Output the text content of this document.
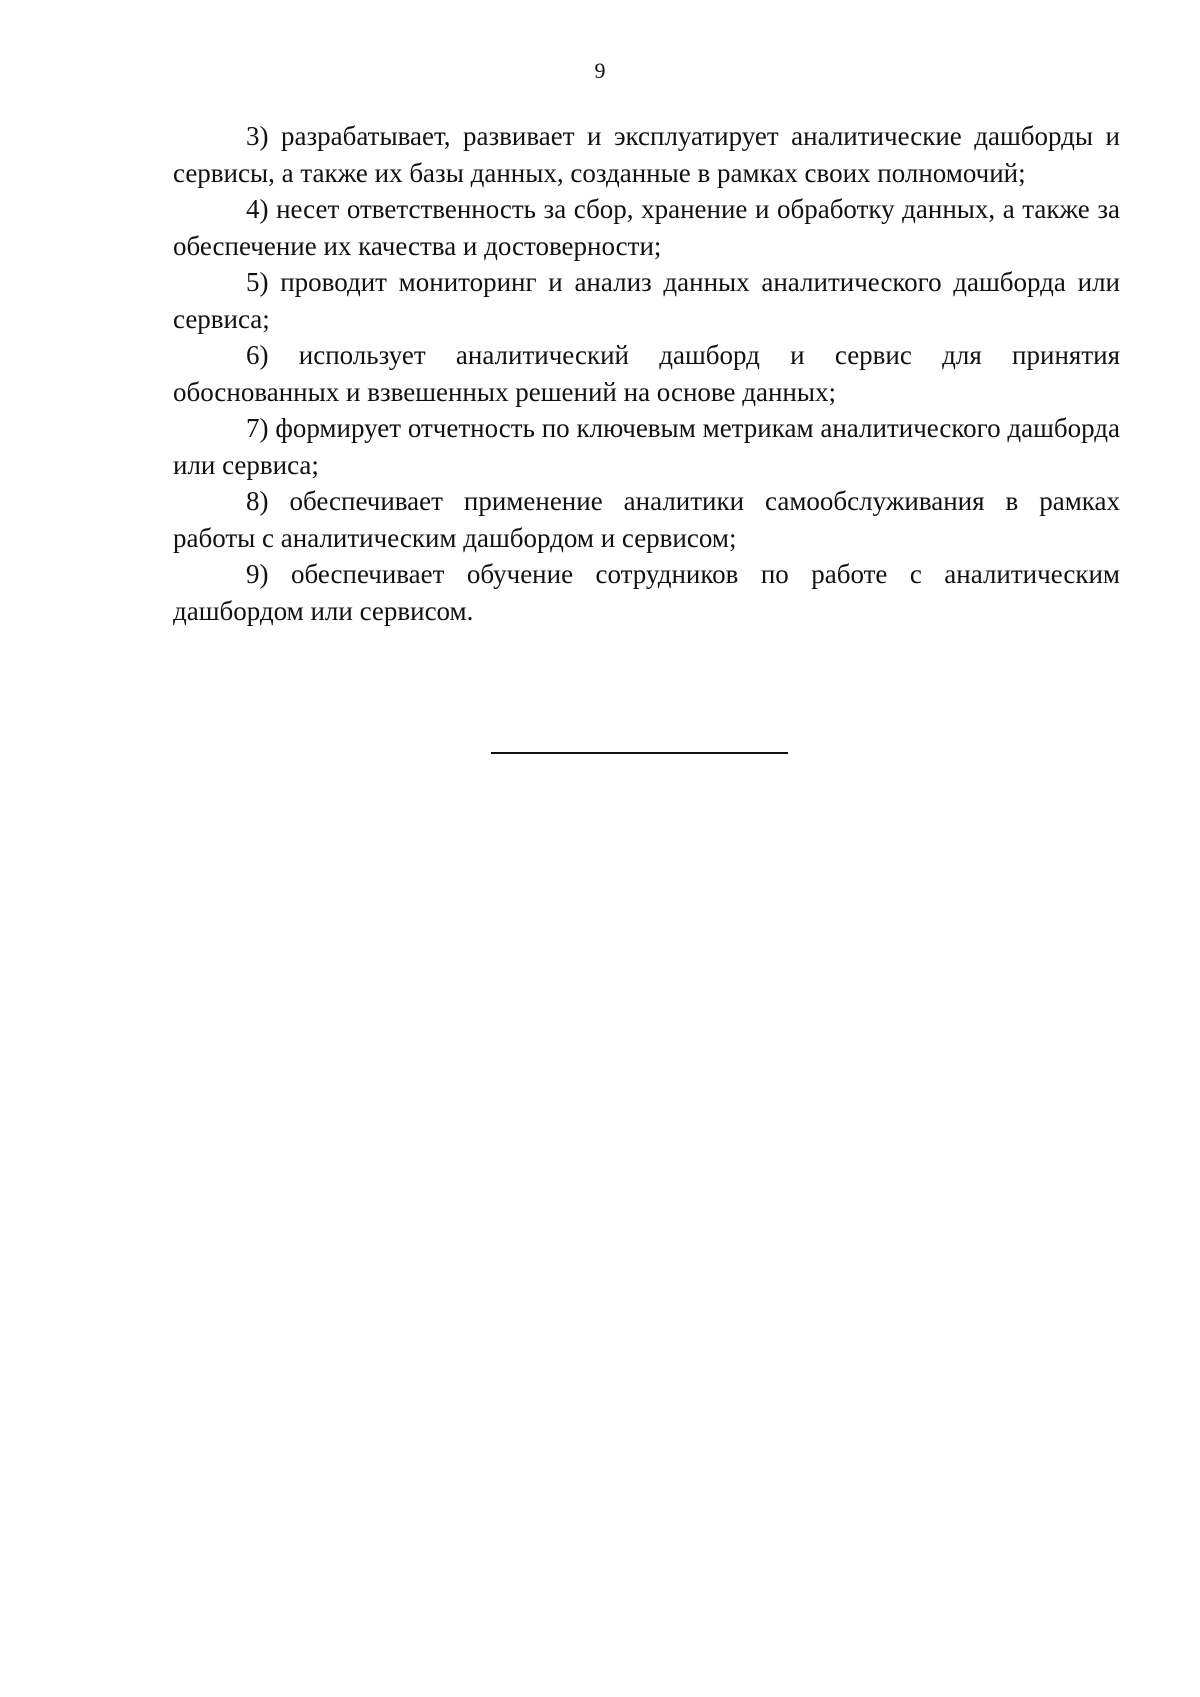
9

3) разрабатывает, развивает и эксплуатирует аналитические дашборды и сервисы, а также их базы данных, созданные в рамках своих полномочий;

4) несет ответственность за сбор, хранение и обработку данных, а также за обеспечение их качества и достоверности;

5) проводит мониторинг и анализ данных аналитического дашборда или сервиса;

6) использует аналитический дашборд и сервис для принятия обоснованных и взвешенных решений на основе данных;

7) формирует отчетность по ключевым метрикам аналитического дашборда или сервиса;

8) обеспечивает применение аналитики самообслуживания в рамках работы с аналитическим дашбордом и сервисом;

9) обеспечивает обучение сотрудников по работе с аналитическим дашбордом или сервисом.
